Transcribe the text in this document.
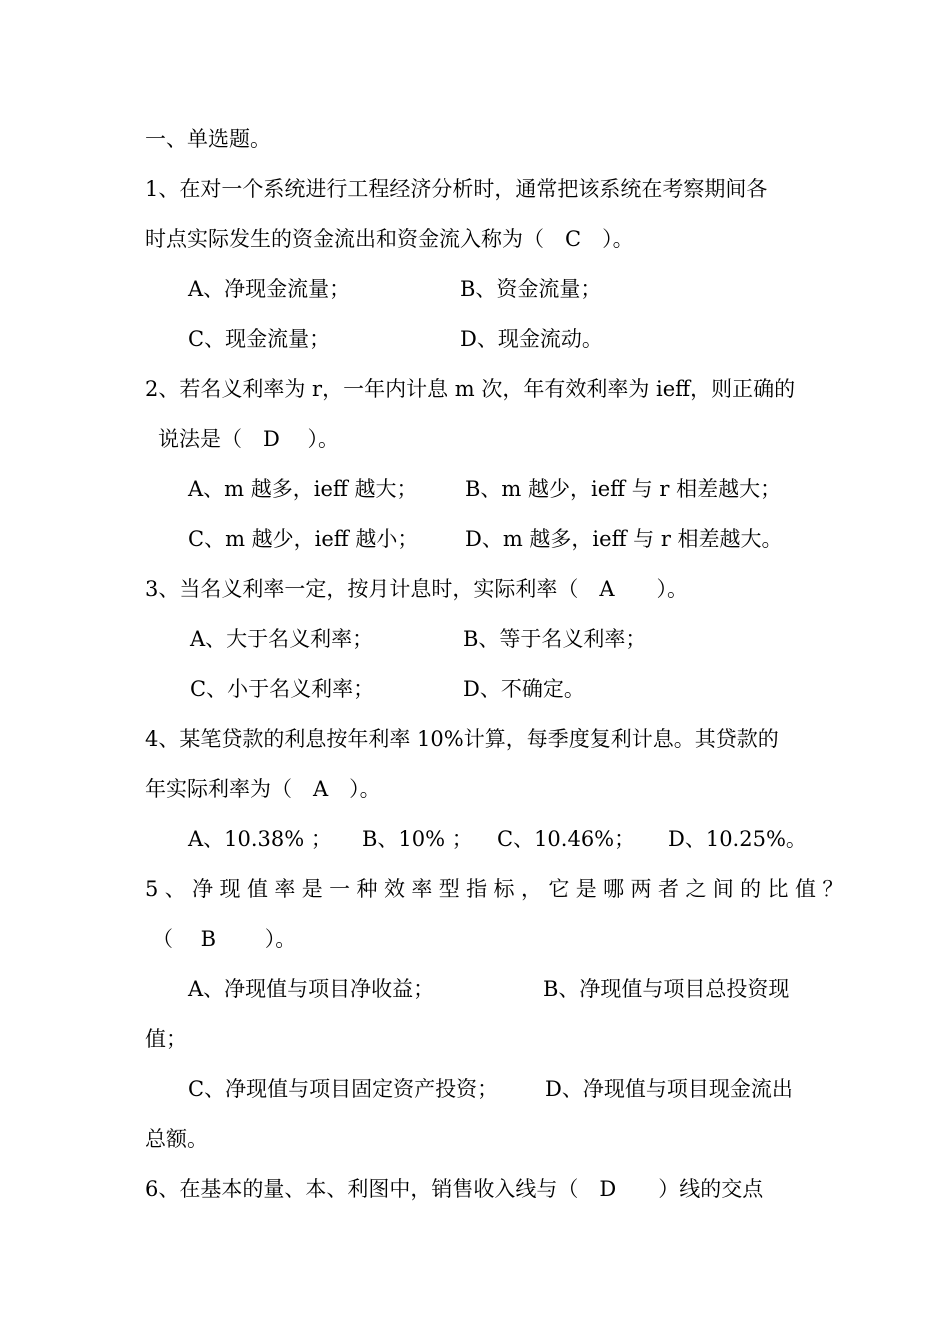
一、单选题。
1、在对一个系统进行工程经济分析时，通常把该系统在考察期间各
时点实际发生的资金流出和资金流入称为（　C　）。
A、净现金流量；	B、资金流量；
C、现金流量；	D、现金流动。
2、若名义利率为 r，一年内计息 m 次，年有效利率为 ieff，则正确的
说法是（　D　 ）。
A、m 越多，ieff 越大； B、m 越少，ieff 与 r 相差越大；
C、m 越少，ieff 越小； D、m 越多，ieff 与 r 相差越大。
3、当名义利率一定，按月计息时，实际利率（　A　　）。
A、大于名义利率；	B、等于名义利率；
C、小于名义利率；	D、不确定。
4、某笔贷款的利息按年利率 10%计算，每季度复利计息。其贷款的
年实际利率为（　A　）。
A、10.38% ； B、10% ； C、10.46%； D、10.25%。
5、净现值率是一种效率型指标，它是哪两者之间的比值？
（　 B　　 ）。
A、净现值与项目净收益；	B、净现值与项目总投资现
值；
C、净现值与项目固定资产投资； D、净现值与项目现金流出
总额。
6、在基本的量、本、利图中，销售收入线与（　D　　）线的交点
